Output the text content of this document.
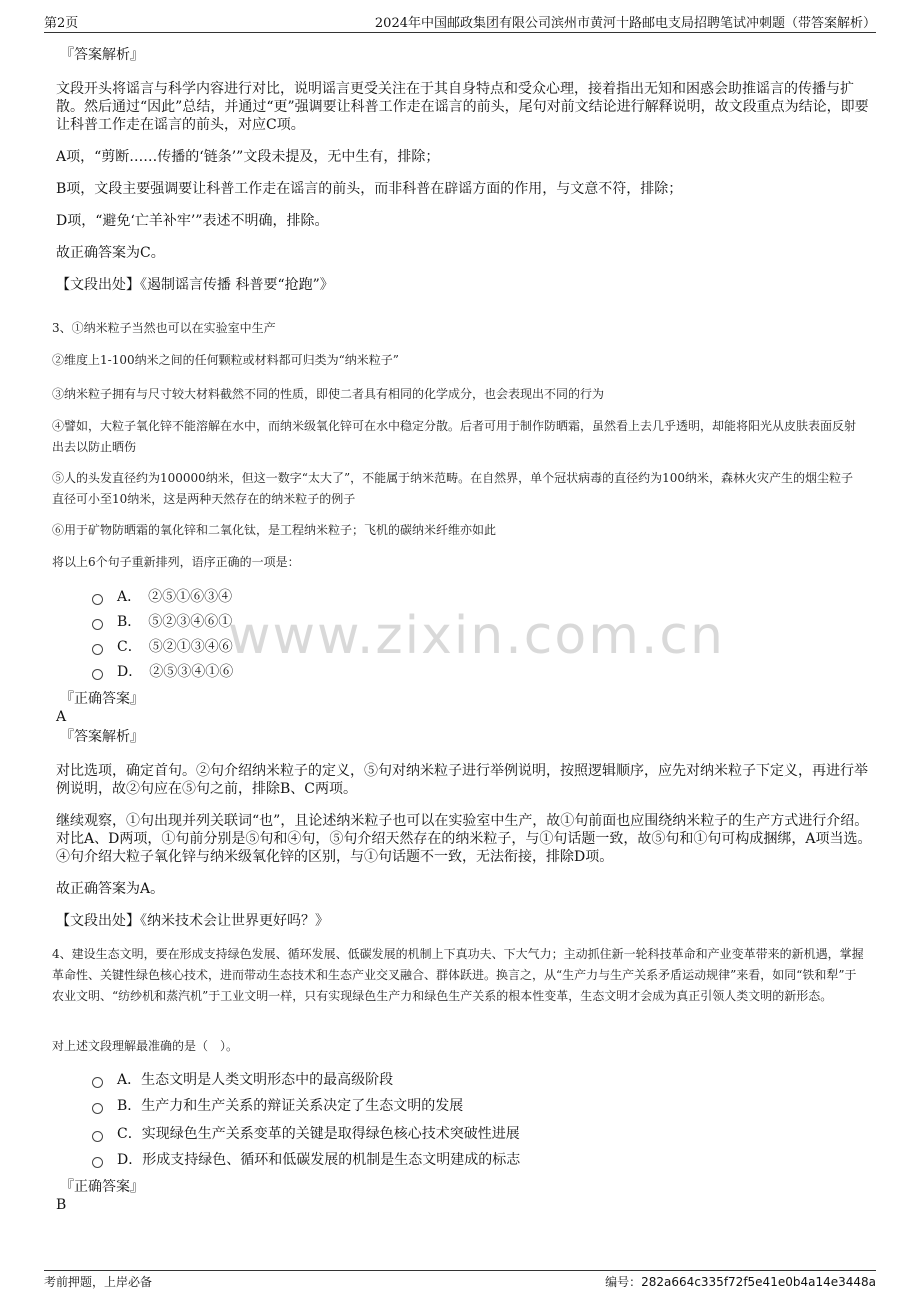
第2页	2024年中国邮政集团有限公司滨州市黄河十路邮电支局招聘笔试冲刺题（带答案解析）
www.zixin.com.cn
『答案解析』
文段开头将谣言与科学内容进行对比，说明谣言更受关注在于其自身特点和受众心理，接着指出无知和困惑会助推谣言的传播与扩散。然后通过“因此”总结，并通过“更”强调要让科普工作走在谣言的前头，尾句对前文结论进行解释说明，故文段重点为结论，即要让科普工作走在谣言的前头，对应C项。
A项，“剪断……传播的‘链条’”文段未提及，无中生有，排除；
B项，文段主要强调要让科普工作走在谣言的前头，而非科普在辟谣方面的作用，与文意不符，排除；
D项，“避免‘亡羊补牢’”表述不明确，排除。
故正确答案为C。
【文段出处】《遏制谣言传播 科普要“抢跑”》
3、①纳米粒子当然也可以在实验室中生产
②维度上1-100纳米之间的任何颗粒或材料都可归类为“纳米粒子”
③纳米粒子拥有与尺寸较大材料截然不同的性质，即使二者具有相同的化学成分，也会表现出不同的行为
④譬如，大粒子氧化锌不能溶解在水中，而纳米级氧化锌可在水中稳定分散。后者可用于制作防晒霜，虽然看上去几乎透明，却能将阳光从皮肤表面反射出去以防止晒伤
⑤人的头发直径约为100000纳米，但这一数字“太大了”，不能属于纳米范畴。在自然界，单个冠状病毒的直径约为100纳米，森林火灾产生的烟尘粒子直径可小至10纳米，这是两种天然存在的纳米粒子的例子
⑥用于矿物防晒霜的氧化锌和二氧化钛，是工程纳米粒子；飞机的碳纳米纤维亦如此
将以上6个句子重新排列，语序正确的一项是：
A．　②⑤①⑥③④
B．　⑤②③④⑥①
C．　⑤②①③④⑥
D．　②⑤③④①⑥
『正确答案』
A
『答案解析』
对比选项，确定首句。②句介绍纳米粒子的定义，⑤句对纳米粒子进行举例说明，按照逻辑顺序，应先对纳米粒子下定义，再进行举例说明，故②句应在⑤句之前，排除B、C两项。
继续观察，①句出现并列关联词“也”，且论述纳米粒子也可以在实验室中生产，故①句前面也应围绕纳米粒子的生产方式进行介绍。对比A、D两项，①句前分别是⑤句和④句，⑤句介绍天然存在的纳米粒子，与①句话题一致，故⑤句和①句可构成捆绑，A项当选。④句介绍大粒子氧化锌与纳米级氧化锌的区别，与①句话题不一致，无法衔接，排除D项。
故正确答案为A。
【文段出处】《纳米技术会让世界更好吗？》
4、建设生态文明，要在形成支持绿色发展、循环发展、低碳发展的机制上下真功夫、下大气力；主动抓住新一轮科技革命和产业变革带来的新机遇，掌握革命性、关键性绿色核心技术，进而带动生态技术和生态产业交叉融合、群体跃进。换言之，从“生产力与生产关系矛盾运动规律”来看，如同“铁和犁”于农业文明、“纺纱机和蒸汽机”于工业文明一样，只有实现绿色生产力和绿色生产关系的根本性变革，生态文明才会成为真正引领人类文明的新形态。
对上述文段理解最准确的是（　）。
A．生态文明是人类文明形态中的最高级阶段
B．生产力和生产关系的辩证关系决定了生态文明的发展
C．实现绿色生产关系变革的关键是取得绿色核心技术突破性进展
D．形成支持绿色、循环和低碳发展的机制是生态文明建成的标志
『正确答案』
B
考前押题，上岸必备	编号：282a664c335f72f5e41e0b4a14e3448a
